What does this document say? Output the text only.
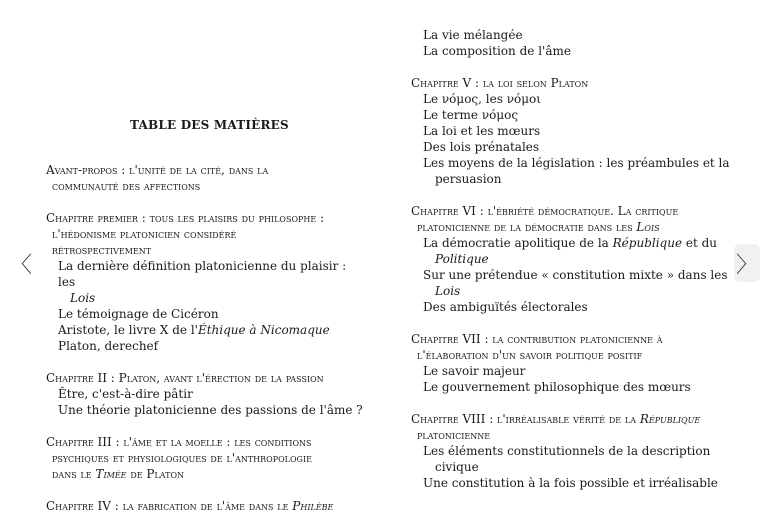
〈	〉
TABLE DES MATIÈRES
Avant-propos : l'unité de la cité, dans la
communauté des affections
Chapitre premier : tous les plaisirs du philosophe :
l'hédonisme platonicien considéré
rétrospectivement
La dernière définition platonicienne du plaisir : les
Lois
Le témoignage de Cicéron
Aristote, le livre X de l'Éthique à Nicomaque
Platon, derechef
Chapitre II : Platon, avant l'érection de la passion
Être, c'est-à-dire pâtir
Une théorie platonicienne des passions de l'âme ?
Chapitre III : l'âme et la moelle : les conditions
psychiques et physiologiques de l'anthropologie
dans le Timée de Platon
Chapitre IV : la fabrication de l'âme dans le Philèbe
La vie mélangée
La composition de l'âme
Chapitre V : la loi selon Platon
Le νόμος, les νόμοι
Le terme νόμος
La loi et les mœurs
Des lois prénatales
Les moyens de la législation : les préambules et la
persuasion
Chapitre VI : l'ébriété démocratique. La critique
platonicienne de la démocratie dans les Lois
La démocratie apolitique de la République et du
Politique
Sur une prétendue « constitution mixte » dans les
Lois
Des ambiguïtés électorales
Chapitre VII : la contribution platonicienne à
l'élaboration d'un savoir politique positif
Le savoir majeur
Le gouvernement philosophique des mœurs
Chapitre VIII : l'irréalisable vérité de la République
platonicienne
Les éléments constitutionnels de la description
civique
Une constitution à la fois possible et irréalisable
